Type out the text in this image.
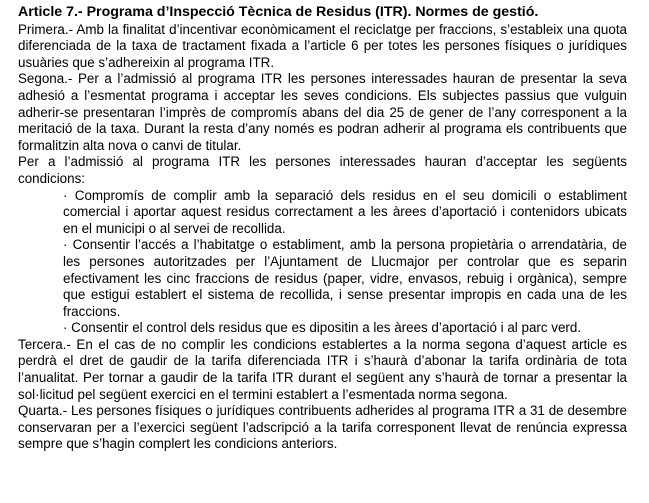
Article 7.- Programa d’Inspecció Tècnica de Residus (ITR). Normes de gestió.

Primera.- Amb la finalitat d’incentivar econòmicament el reciclatge per fraccions, s’estableix una quota diferenciada de la taxa de tractament fixada a l’article 6 per totes les persones físiques o jurídiques usuàries que s’adhereixin al programa ITR.

Segona.- Per a l’admissió al programa ITR les persones interessades hauran de presentar la seva adhesió a l’esmentat programa i acceptar les seves condicions. Els subjectes passius que vulguin adherir-se presentaran l’imprès de compromís abans del dia 25 de gener de l’any corresponent a la meritació de la taxa. Durant la resta d’any només es podran adherir al programa els contribuents que formalitzin alta nova o canvi de titular.

Per a l’admissió al programa ITR les persones interessades hauran d’acceptar les següents condicions:

· Compromís de complir amb la separació dels residus en el seu domicili o establiment comercial i aportar aquest residus correctament a les àrees d’aportació i contenidors ubicats en el municipi o al servei de recollida.
· Consentir l’accés a l’habitatge o establiment, amb la persona propietària o arrendatària, de les persones autoritzades per l’Ajuntament de Llucmajor per controlar que es separin efectivament les cinc fraccions de residus (paper, vidre, envasos, rebuig i orgànica), sempre que estigui establert el sistema de recollida, i sense presentar impropis en cada una de les fraccions.
· Consentir el control dels residus que es dipositin a les àrees d’aportació i al parc verd.

Tercera.- En el cas de no complir les condicions establertes a la norma segona d’aquest article es perdrà el dret de gaudir de la tarifa diferenciada ITR i s’haurà d’abonar la tarifa ordinària de tota l’anualitat. Per tornar a gaudir de la tarifa ITR durant el següent any s’haurà de tornar a presentar la sol·licitud pel següent exercici en el termini establert a l’esmentada norma segona.

Quarta.- Les persones físiques o jurídiques contribuents adherides al programa ITR a 31 de desembre conservaran per a l’exercici següent l’adscripció a la tarifa corresponent llevat de renúncia expressa sempre que s’hagin complert les condicions anteriors.
